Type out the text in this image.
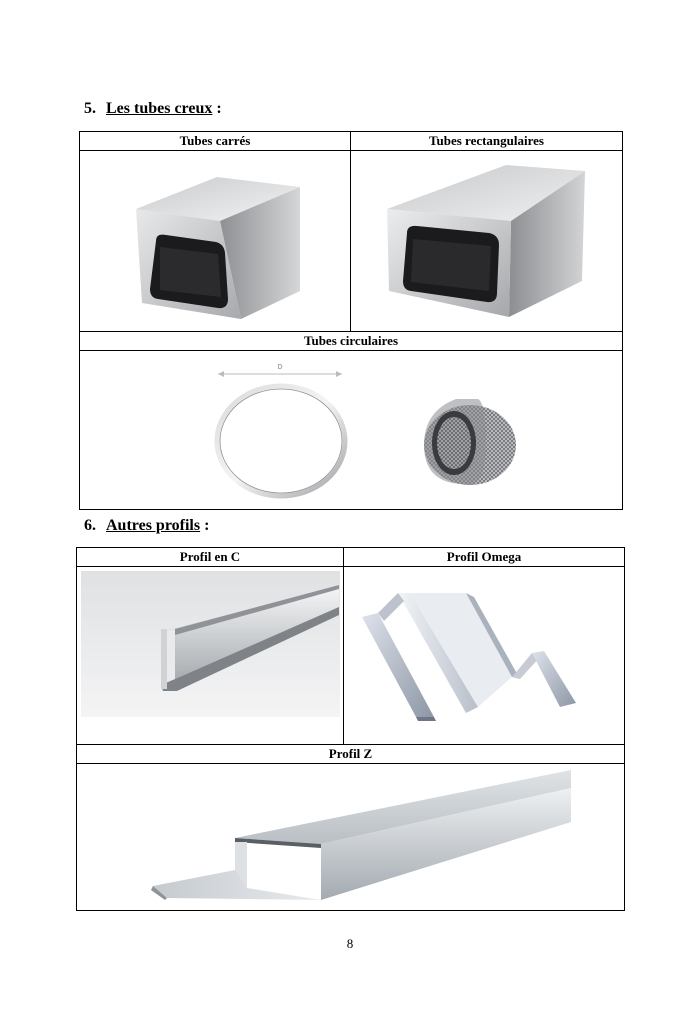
5. Les tubes creux :
Tubes carrés	Tubes rectangulaires

Tubes circulaires	

D	
6. Autres profils :
Profil en C	Profil Omega

Profil Z	

8
